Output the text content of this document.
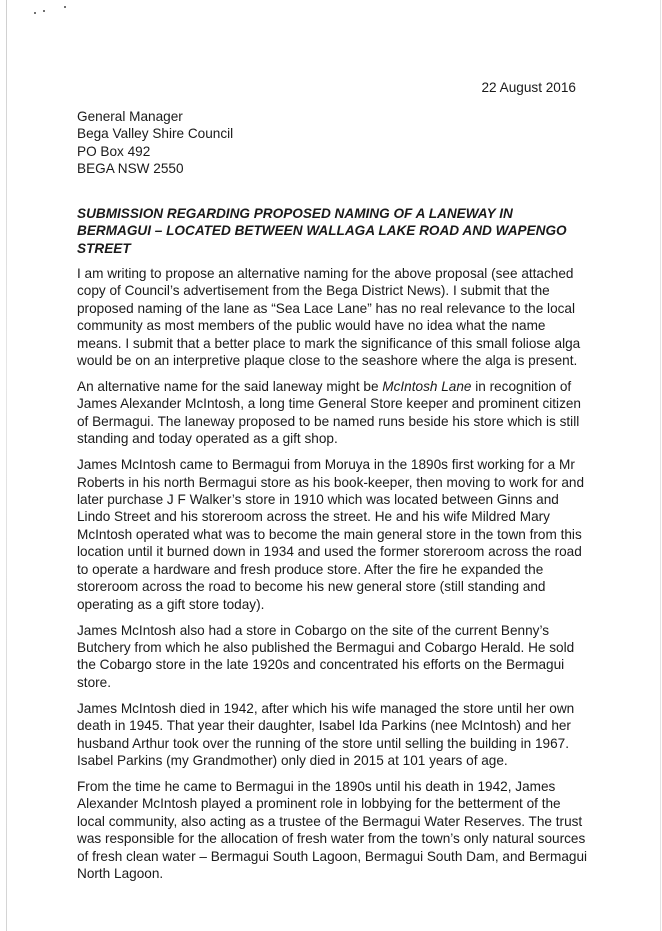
22 August 2016
General Manager
Bega Valley Shire Council
PO Box 492
BEGA NSW 2550
SUBMISSION REGARDING PROPOSED NAMING OF A LANEWAY IN BERMAGUI – LOCATED BETWEEN WALLAGA LAKE ROAD AND WAPENGO STREET

I am writing to propose an alternative naming for the above proposal (see attached
copy of Council’s advertisement from the Bega District News). I submit that the
proposed naming of the lane as “Sea Lace Lane” has no real relevance to the local
community as most members of the public would have no idea what the name
means. I submit that a better place to mark the significance of this small foliose alga
would be on an interpretive plaque close to the seashore where the alga is present.

An alternative name for the said laneway might be McIntosh Lane in recognition of
James Alexander McIntosh, a long time General Store keeper and prominent citizen
of Bermagui. The laneway proposed to be named runs beside his store which is still
standing and today operated as a gift shop.

James McIntosh came to Bermagui from Moruya in the 1890s first working for a Mr
Roberts in his north Bermagui store as his book-keeper, then moving to work for and
later purchase J F Walker’s store in 1910 which was located between Ginns and
Lindo Street and his storeroom across the street. He and his wife Mildred Mary
McIntosh operated what was to become the main general store in the town from this
location until it burned down in 1934 and used the former storeroom across the road
to operate a hardware and fresh produce store. After the fire he expanded the
storeroom across the road to become his new general store (still standing and
operating as a gift store today).

James McIntosh also had a store in Cobargo on the site of the current Benny’s
Butchery from which he also published the Bermagui and Cobargo Herald. He sold
the Cobargo store in the late 1920s and concentrated his efforts on the Bermagui
store.

James McIntosh died in 1942, after which his wife managed the store until her own
death in 1945. That year their daughter, Isabel Ida Parkins (nee McIntosh) and her
husband Arthur took over the running of the store until selling the building in 1967.
Isabel Parkins (my Grandmother) only died in 2015 at 101 years of age.

From the time he came to Bermagui in the 1890s until his death in 1942, James
Alexander McIntosh played a prominent role in lobbying for the betterment of the
local community, also acting as a trustee of the Bermagui Water Reserves. The trust
was responsible for the allocation of fresh water from the town’s only natural sources
of fresh clean water – Bermagui South Lagoon, Bermagui South Dam, and Bermagui
North Lagoon.
